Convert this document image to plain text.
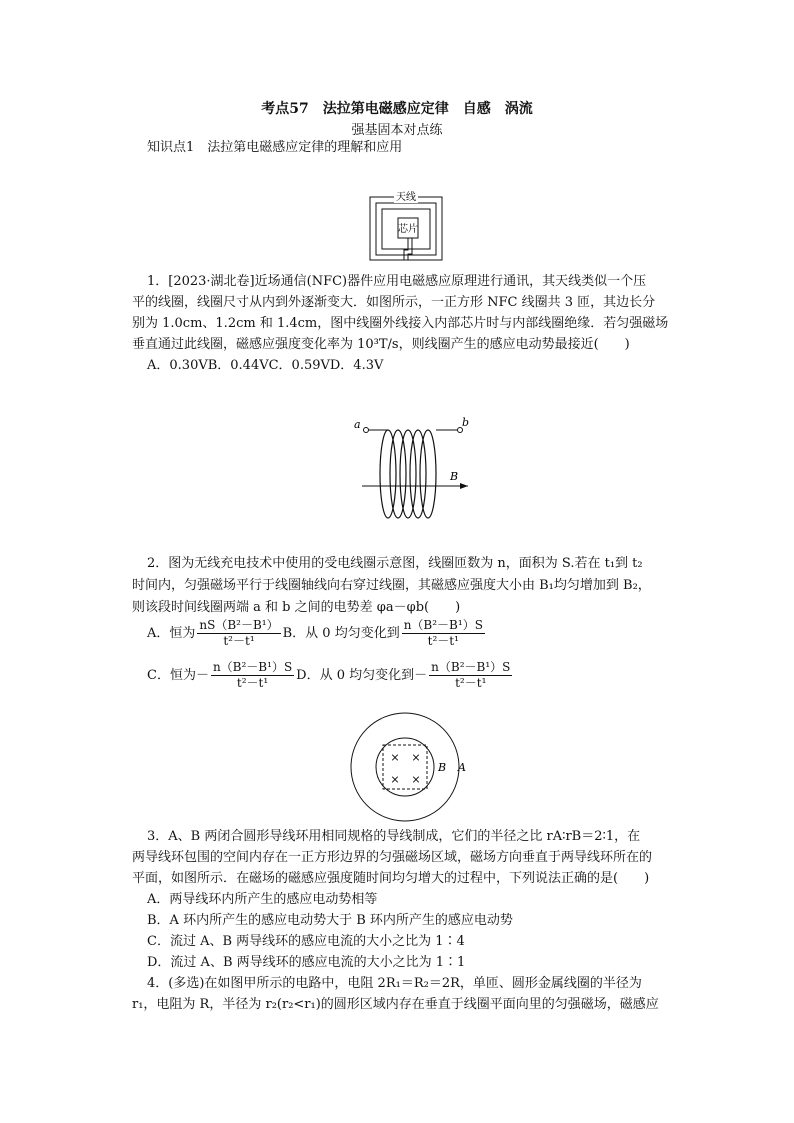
考点57　法拉第电磁感应定律　自感　涡流
强基固本对点练
知识点1　法拉第电磁感应定律的理解和应用
天线
芯片
1．[2023·湖北卷]近场通信(NFC)器件应用电磁感应原理进行通讯，其天线类似一个压
平的线圈，线圈尺寸从内到外逐渐变大．如图所示，一正方形 NFC 线圈共 3 匝，其边长分
别为 1.0cm、1.2cm 和 1.4cm，图中线圈外线接入内部芯片时与内部线圈绝缘．若匀强磁场
垂直通过此线圈，磁感应强度变化率为 10³T/s，则线圈产生的感应电动势最接近(　　)
A．0.30VB．0.44VC．0.59VD．4.3V
a	b
B
2．图为无线充电技术中使用的受电线圈示意图，线圈匝数为 n，面积为 S.若在 t₁到 t₂
时间内，匀强磁场平行于线圈轴线向右穿过线圈，其磁感应强度大小由 B₁均匀增加到 B₂，
则该段时间线圈两端 a 和 b 之间的电势差 φa－φb(　　)
A．恒为 $\frac{\text{nS（B²－B¹）}}{\text{t²－t¹}}$ B．从 0 均匀变化到 $\frac{\text{n（B²－B¹）S}}{\text{t²－t¹}}$
C．恒为－ $\frac{\text{n（B²－B¹）S}}{\text{t²－t¹}}$ D．从 0 均匀变化到－ $\frac{\text{n（B²－B¹）S}}{\text{t²－t¹}}$
× ×
× ×
B A
3．A、B 两闭合圆形导线环用相同规格的导线制成，它们的半径之比 rA∶rB＝2∶1，在
两导线环包围的空间内存在一正方形边界的匀强磁场区域，磁场方向垂直于两导线环所在的
平面，如图所示．在磁场的磁感应强度随时间均匀增大的过程中，下列说法正确的是(　　)
A．两导线环内所产生的感应电动势相等
B．A 环内所产生的感应电动势大于 B 环内所产生的感应电动势
C．流过 A、B 两导线环的感应电流的大小之比为 1∶4
D．流过 A、B 两导线环的感应电流的大小之比为 1∶1
4．(多选)在如图甲所示的电路中，电阻 2R₁＝R₂＝2R，单匝、圆形金属线圈的半径为
r₁，电阻为 R，半径为 r₂(r₂<r₁)的圆形区域内存在垂直于线圈平面向里的匀强磁场，磁感应
